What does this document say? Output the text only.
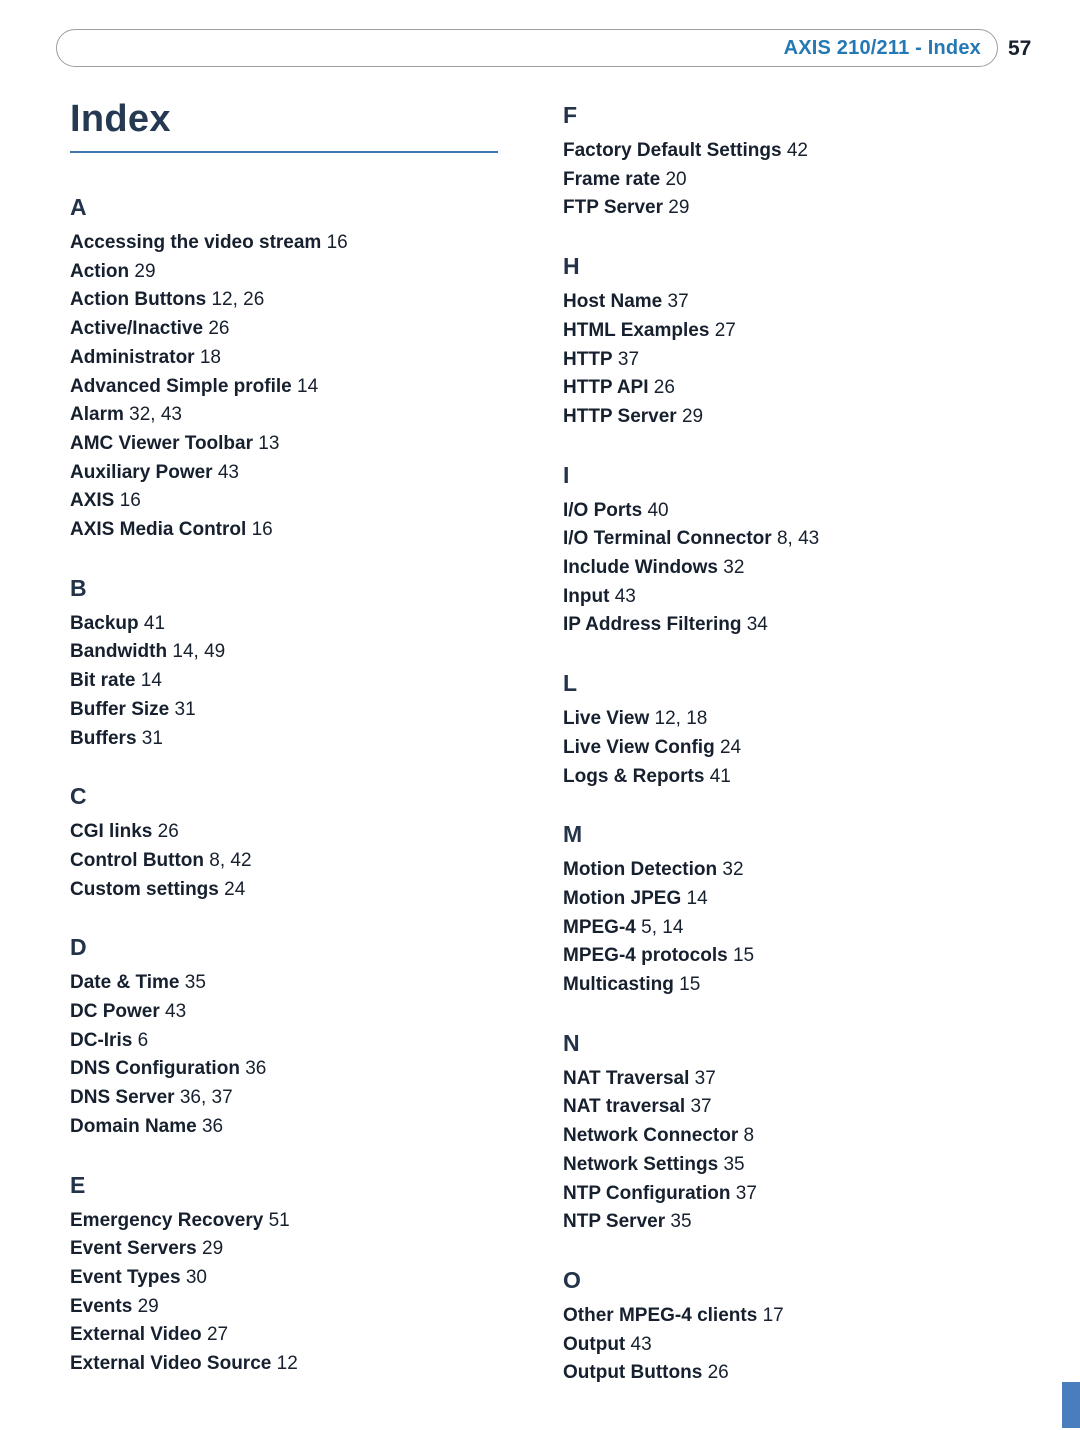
AXIS 210/211 - Index 57
Index
A
Accessing the video stream 16
Action 29
Action Buttons 12, 26
Active/Inactive 26
Administrator 18
Advanced Simple profile 14
Alarm 32, 43
AMC Viewer Toolbar 13
Auxiliary Power 43
AXIS 16
AXIS Media Control 16
B
Backup 41
Bandwidth 14, 49
Bit rate 14
Buffer Size 31
Buffers 31
C
CGI links 26
Control Button 8, 42
Custom settings 24
D
Date & Time 35
DC Power 43
DC-Iris 6
DNS Configuration 36
DNS Server 36, 37
Domain Name 36
E
Emergency Recovery 51
Event Servers 29
Event Types 30
Events 29
External Video 27
External Video Source 12
F
Factory Default Settings 42
Frame rate 20
FTP Server 29
H
Host Name 37
HTML Examples 27
HTTP 37
HTTP API 26
HTTP Server 29
I
I/O Ports 40
I/O Terminal Connector 8, 43
Include Windows 32
Input 43
IP Address Filtering 34
L
Live View 12, 18
Live View Config 24
Logs & Reports 41
M
Motion Detection 32
Motion JPEG 14
MPEG-4 5, 14
MPEG-4 protocols 15
Multicasting 15
N
NAT Traversal 37
NAT traversal 37
Network Connector 8
Network Settings 35
NTP Configuration 37
NTP Server 35
O
Other MPEG-4 clients 17
Output 43
Output Buttons 26
